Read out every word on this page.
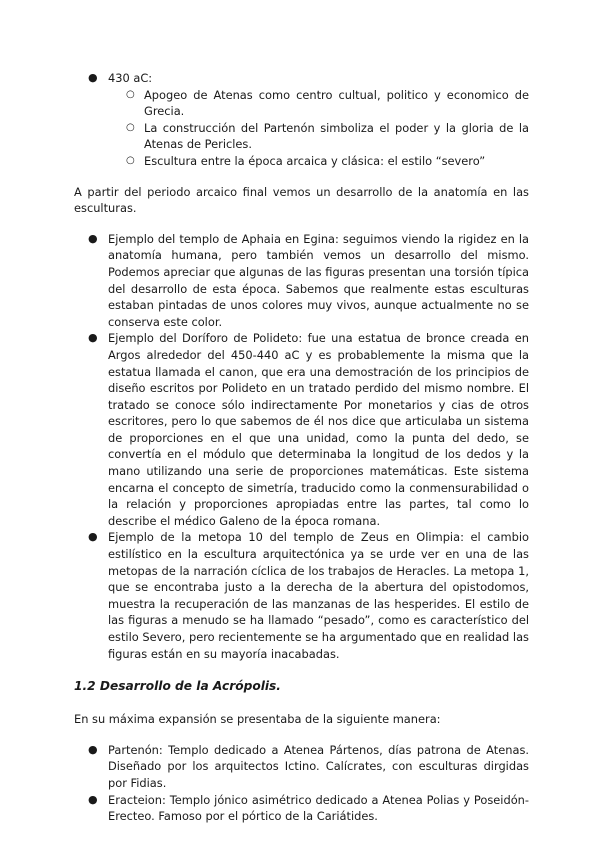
● 430 aC:
○ Apogeo de Atenas como centro cultual, politico y economico de Grecia.
○ La construcción del Partenón simboliza el poder y la gloria de la Atenas de Pericles.
○ Escultura entre la época arcaica y clásica: el estilo “severo”

A partir del periodo arcaico final vemos un desarrollo de la anatomía en las esculturas.

● Ejemplo del templo de Aphaia en Egina: seguimos viendo la rigidez en la anatomía humana, pero también vemos un desarrollo del mismo. Podemos apreciar que algunas de las figuras presentan una torsión típica del desarrollo de esta época. Sabemos que realmente estas esculturas estaban pintadas de unos colores muy vivos, aunque actualmente no se conserva este color.
● Ejemplo del Doríforo de Polideto: fue una estatua de bronce creada en Argos alrededor del 450-440 aC y es probablemente la misma que la estatua llamada el canon, que era una demostración de los principios de diseño escritos por Polideto en un tratado perdido del mismo nombre. El tratado se conoce sólo indirectamente Por monetarios y cias de otros escritores, pero lo que sabemos de él nos dice que articulaba un sistema de proporciones en el que una unidad, como la punta del dedo, se convertía en el módulo que determinaba la longitud de los dedos y la mano utilizando una serie de proporciones matemáticas. Este sistema encarna el concepto de simetría, traducido como la conmensurabilidad o la relación y proporciones apropiadas entre las partes, tal como lo describe el médico Galeno de la época romana.
● Ejemplo de la metopa 10 del templo de Zeus en Olimpia: el cambio estilístico en la escultura arquitectónica ya se urde ver en una de las metopas de la narración cíclica de los trabajos de Heracles. La metopa 1, que se encontraba justo a la derecha de la abertura del opistodomos, muestra la recuperación de las manzanas de las hesperides. El estilo de las figuras a menudo se ha llamado “pesado”, como es característico del estilo Severo, pero recientemente se ha argumentado que en realidad las figuras están en su mayoría inacabadas.
1.2 Desarrollo de la Acrópolis.

En su máxima expansión se presentaba de la siguiente manera:

● Partenón: Templo dedicado a Atenea Pártenos, días patrona de Atenas. Diseñado por los arquitectos Ictino. Calícrates, con esculturas dirgidas por Fidias.
● Eracteion: Templo jónico asimétrico dedicado a Atenea Polias y Poseidón-Erecteo. Famoso por el pórtico de la Cariátides.
